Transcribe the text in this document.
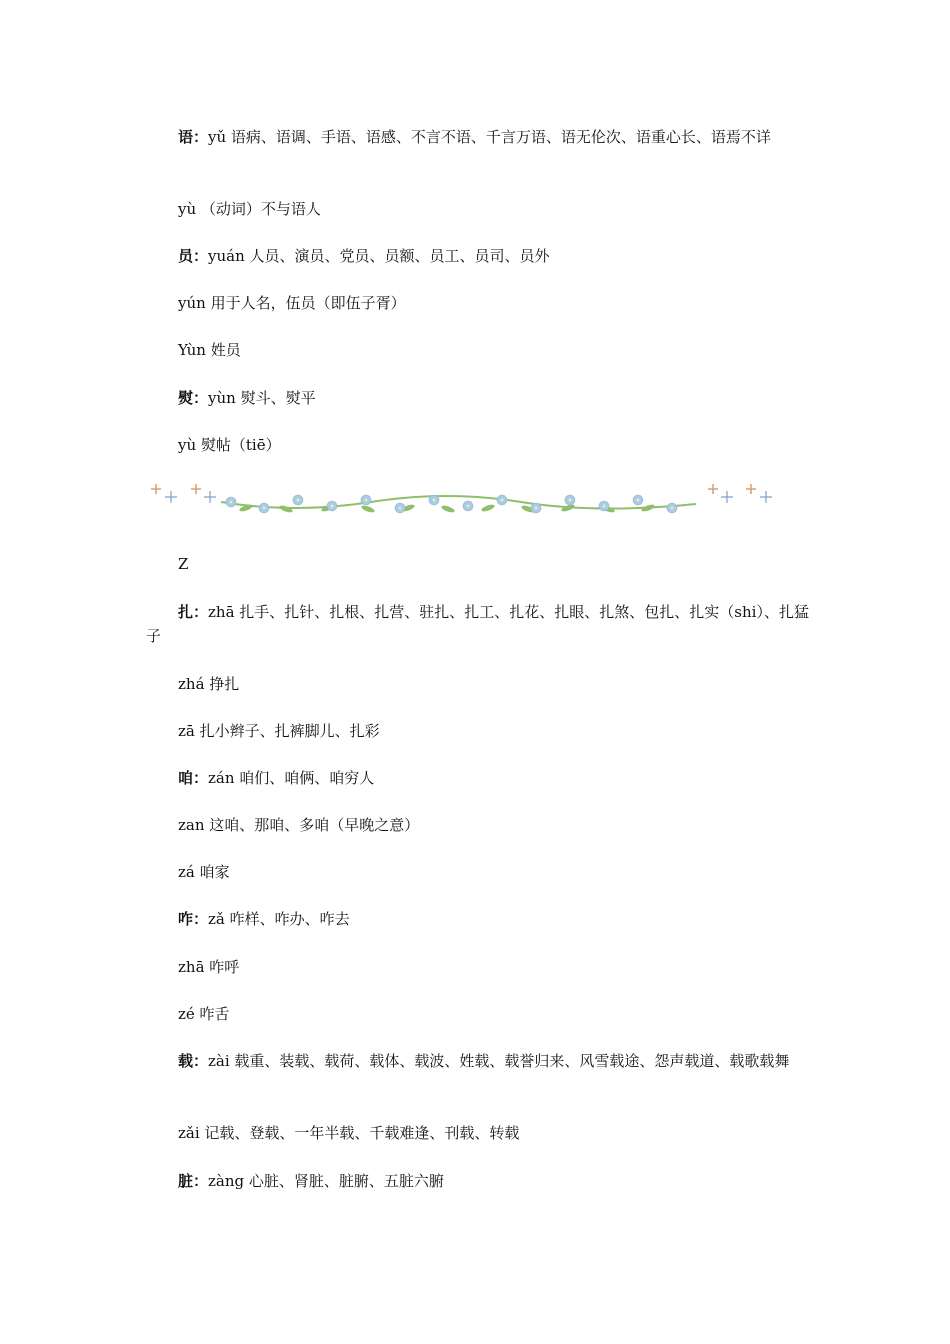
语：yǔ 语病、语调、手语、语感、不言不语、千言万语、语无伦次、语重心长、语焉不详

yù （动词）不与语人

员：yuán 人员、演员、党员、员额、员工、员司、员外

yún 用于人名，伍员（即伍子胥）

Yùn 姓员

熨：yùn 熨斗、熨平

yù 熨帖（tiē）

Z

扎：zhā 扎手、扎针、扎根、扎营、驻扎、扎工、扎花、扎眼、扎煞、包扎、扎实（shi）、扎猛子

zhá 挣扎

zā 扎小辫子、扎裤脚儿、扎彩

咱：zán 咱们、咱俩、咱穷人

zan 这咱、那咱、多咱（早晚之意）

zá 咱家

咋：zǎ 咋样、咋办、咋去

zhā 咋呼

zé 咋舌

载：zài 载重、装载、载荷、载体、载波、姓载、载誉归来、风雪载途、怨声载道、载歌载舞

zǎi 记载、登载、一年半载、千载难逢、刊载、转载

脏：zàng 心脏、肾脏、脏腑、五脏六腑
